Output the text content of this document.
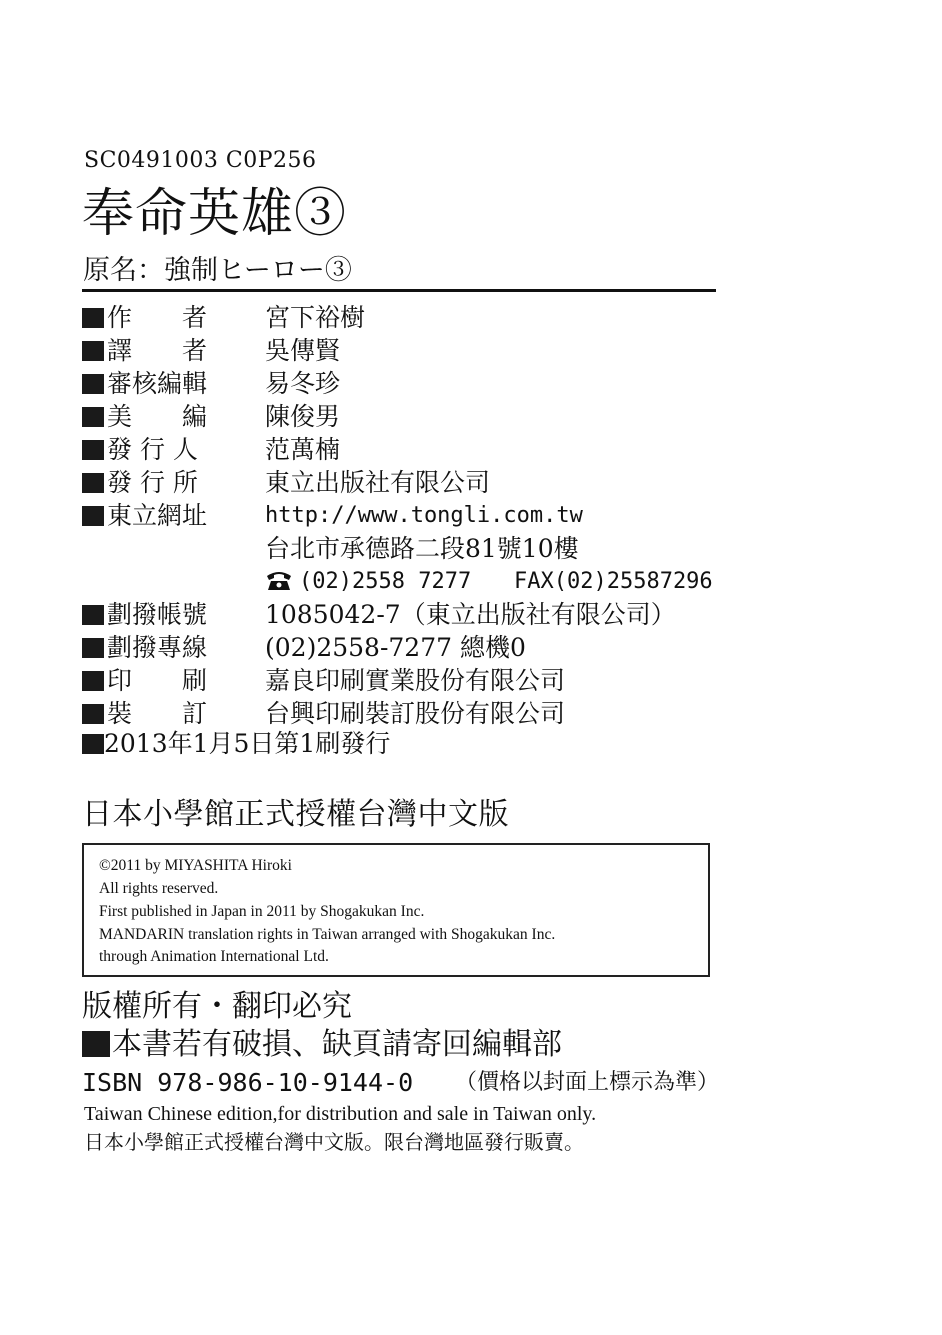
SC0491003 C0P256
奉命英雄③
原名：強制ヒーロー③
作　　者 宮下裕樹
譯　　者 吳傳賢
審核編輯 易冬珍
美　　編 陳俊男
發 行 人	范萬楠
發 行 所	東立出版社有限公司
東立網址	http://www.tongli.com.tw
台北市承德路二段81號10樓
(02)2558 7277 FAX(02)25587296
劃撥帳號 1085042-7（東立出版社有限公司）
劃撥專線 (02)2558-7277 總機0
印　　刷 嘉良印刷實業股份有限公司
裝　　訂 台興印刷裝訂股份有限公司
2013年1月5日第1刷發行
日本小學館正式授權台灣中文版
©2011 by MIYASHITA Hiroki
All rights reserved.
First published in Japan in 2011 by Shogakukan Inc.
MANDARIN translation rights in Taiwan arranged with Shogakukan Inc.
through Animation International Ltd.
版權所有・翻印必究
本書若有破損、缺頁請寄回編輯部
ISBN 978-986-10-9144-0 （價格以封面上標示為準）
Taiwan Chinese edition,for distribution and sale in Taiwan only.
日本小學館正式授權台灣中文版。限台灣地區發行販賣。
